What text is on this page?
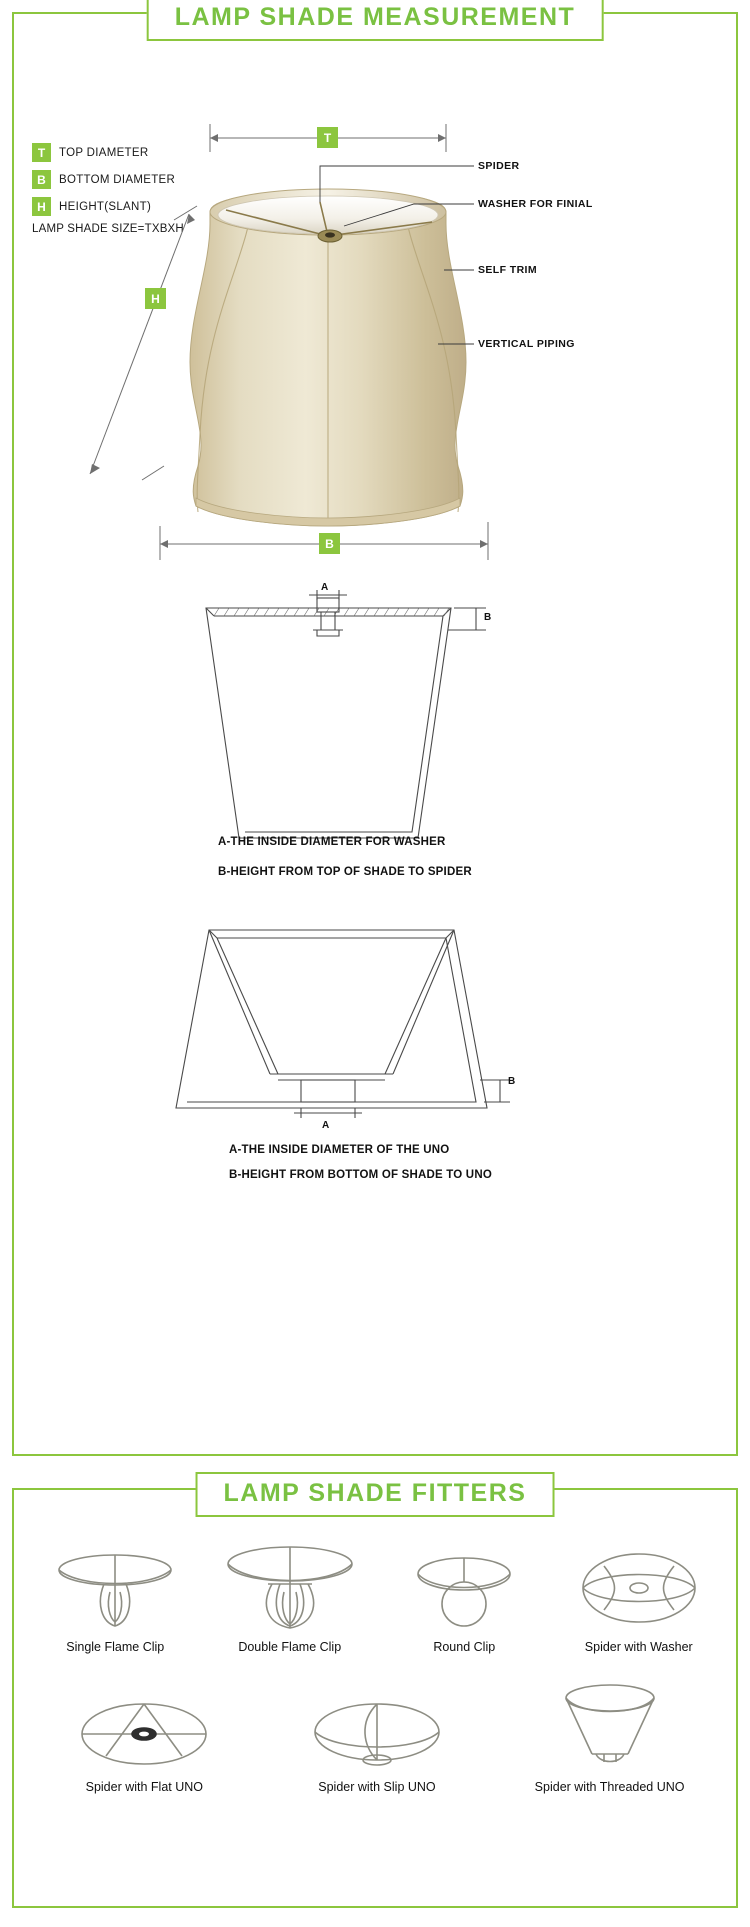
LAMP SHADE MEASUREMENT
T	TOP DIAMETER
B	BOTTOM DIAMETER
H	HEIGHT(SLANT)
LAMP SHADE SIZE=TXBXH
T
H
B
SPIDER
WASHER FOR FINIAL
SELF TRIM
VERTICAL PIPING
A
B
A-THE INSIDE DIAMETER FOR WASHER
B-HEIGHT FROM TOP OF SHADE TO SPIDER
A
B
A-THE INSIDE DIAMETER OF THE UNO
B-HEIGHT FROM BOTTOM OF SHADE TO UNO
LAMP SHADE FITTERS
Single Flame Clip	Double Flame Clip	Round Clip	Spider with Washer
Spider with Flat UNO	Spider with Slip UNO	Spider with Threaded UNO
